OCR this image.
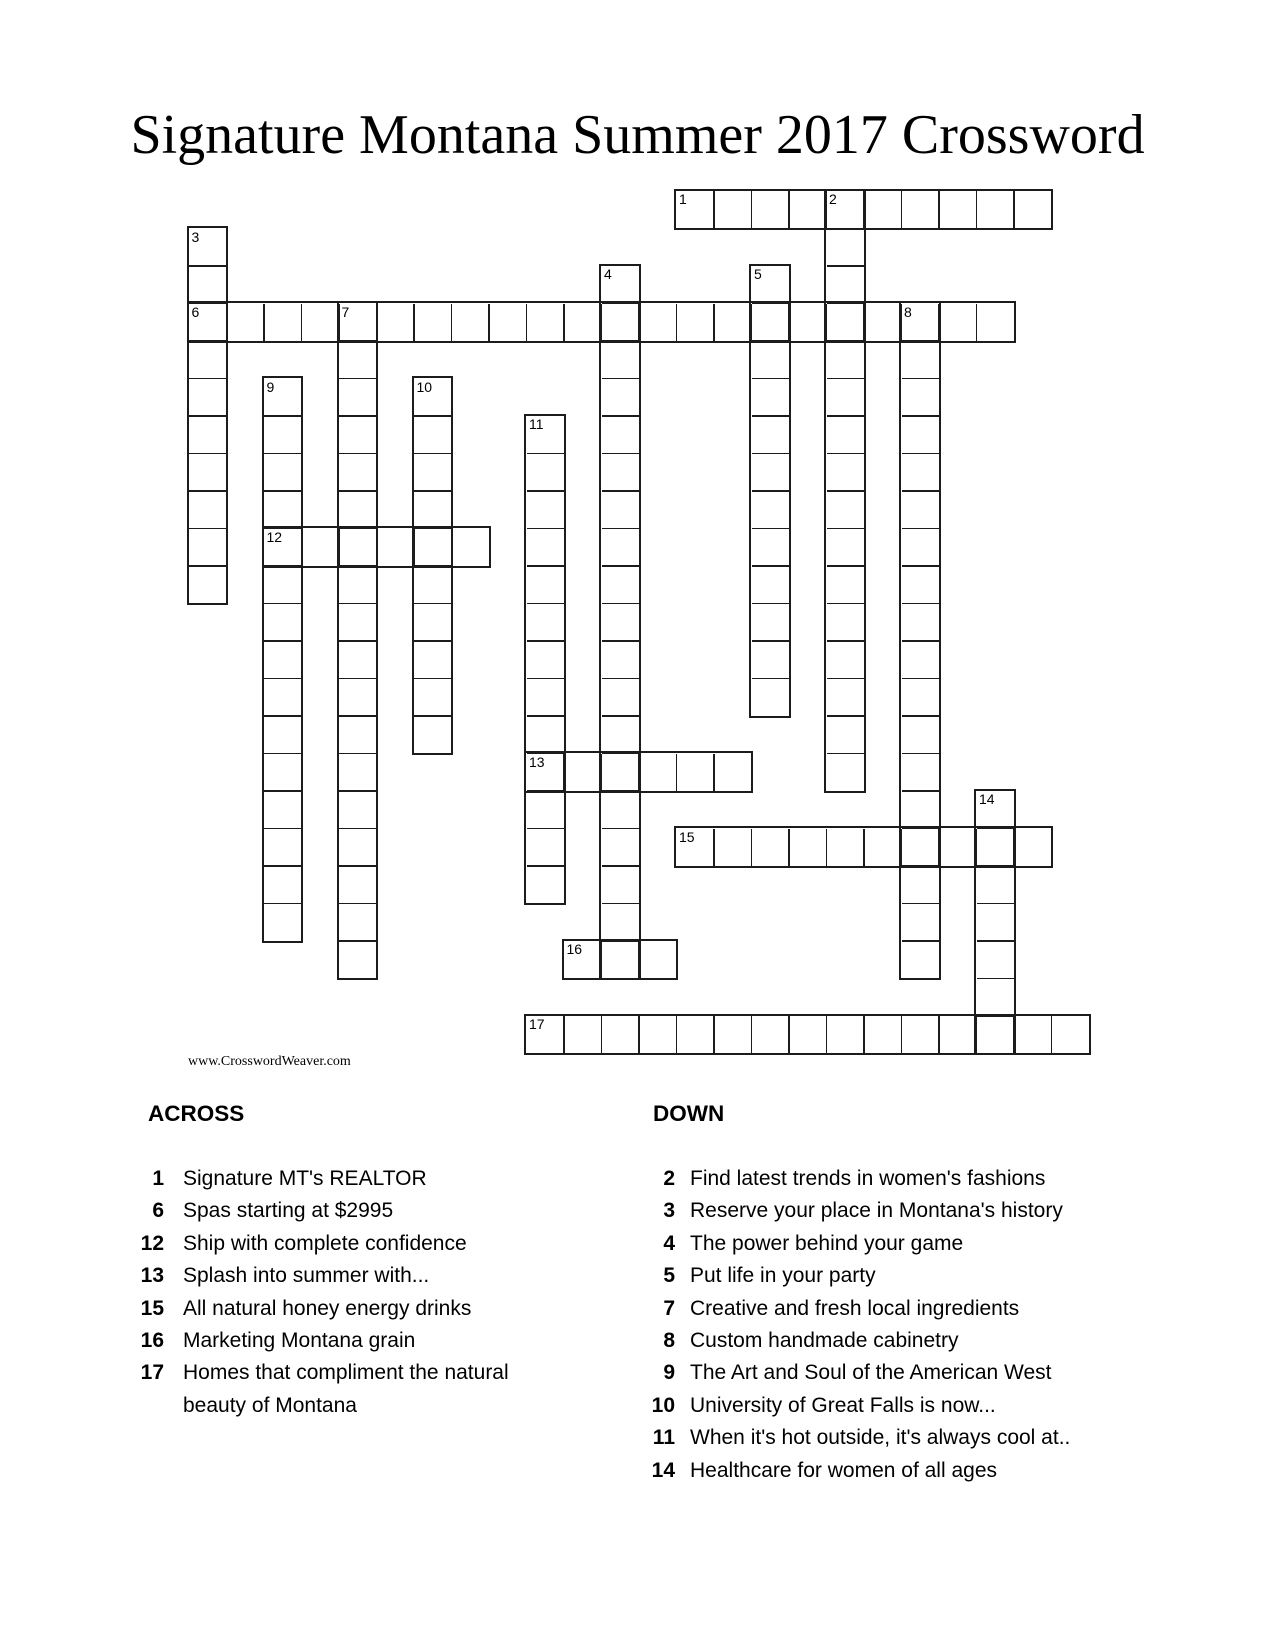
Signature Montana Summer 2017 Crossword
1	2
3
4	5
6	7	8
9	10
11
12
13
14
15
16
17
www.CrosswordWeaver.com
ACROSS	DOWN
1 Signature MT's REALTOR
6 Spas starting at $2995
12 Ship with complete confidence
13 Splash into summer with...
15 All natural honey energy drinks
16 Marketing Montana grain
17 Homes that compliment the natural beauty of Montana
2 Find latest trends in women's fashions
3 Reserve your place in Montana's history
4 The power behind your game
5 Put life in your party
7 Creative and fresh local ingredients
8 Custom handmade cabinetry
9 The Art and Soul of the American West
10 University of Great Falls is now...
11 When it's hot outside, it's always cool at..
14 Healthcare for women of all ages
